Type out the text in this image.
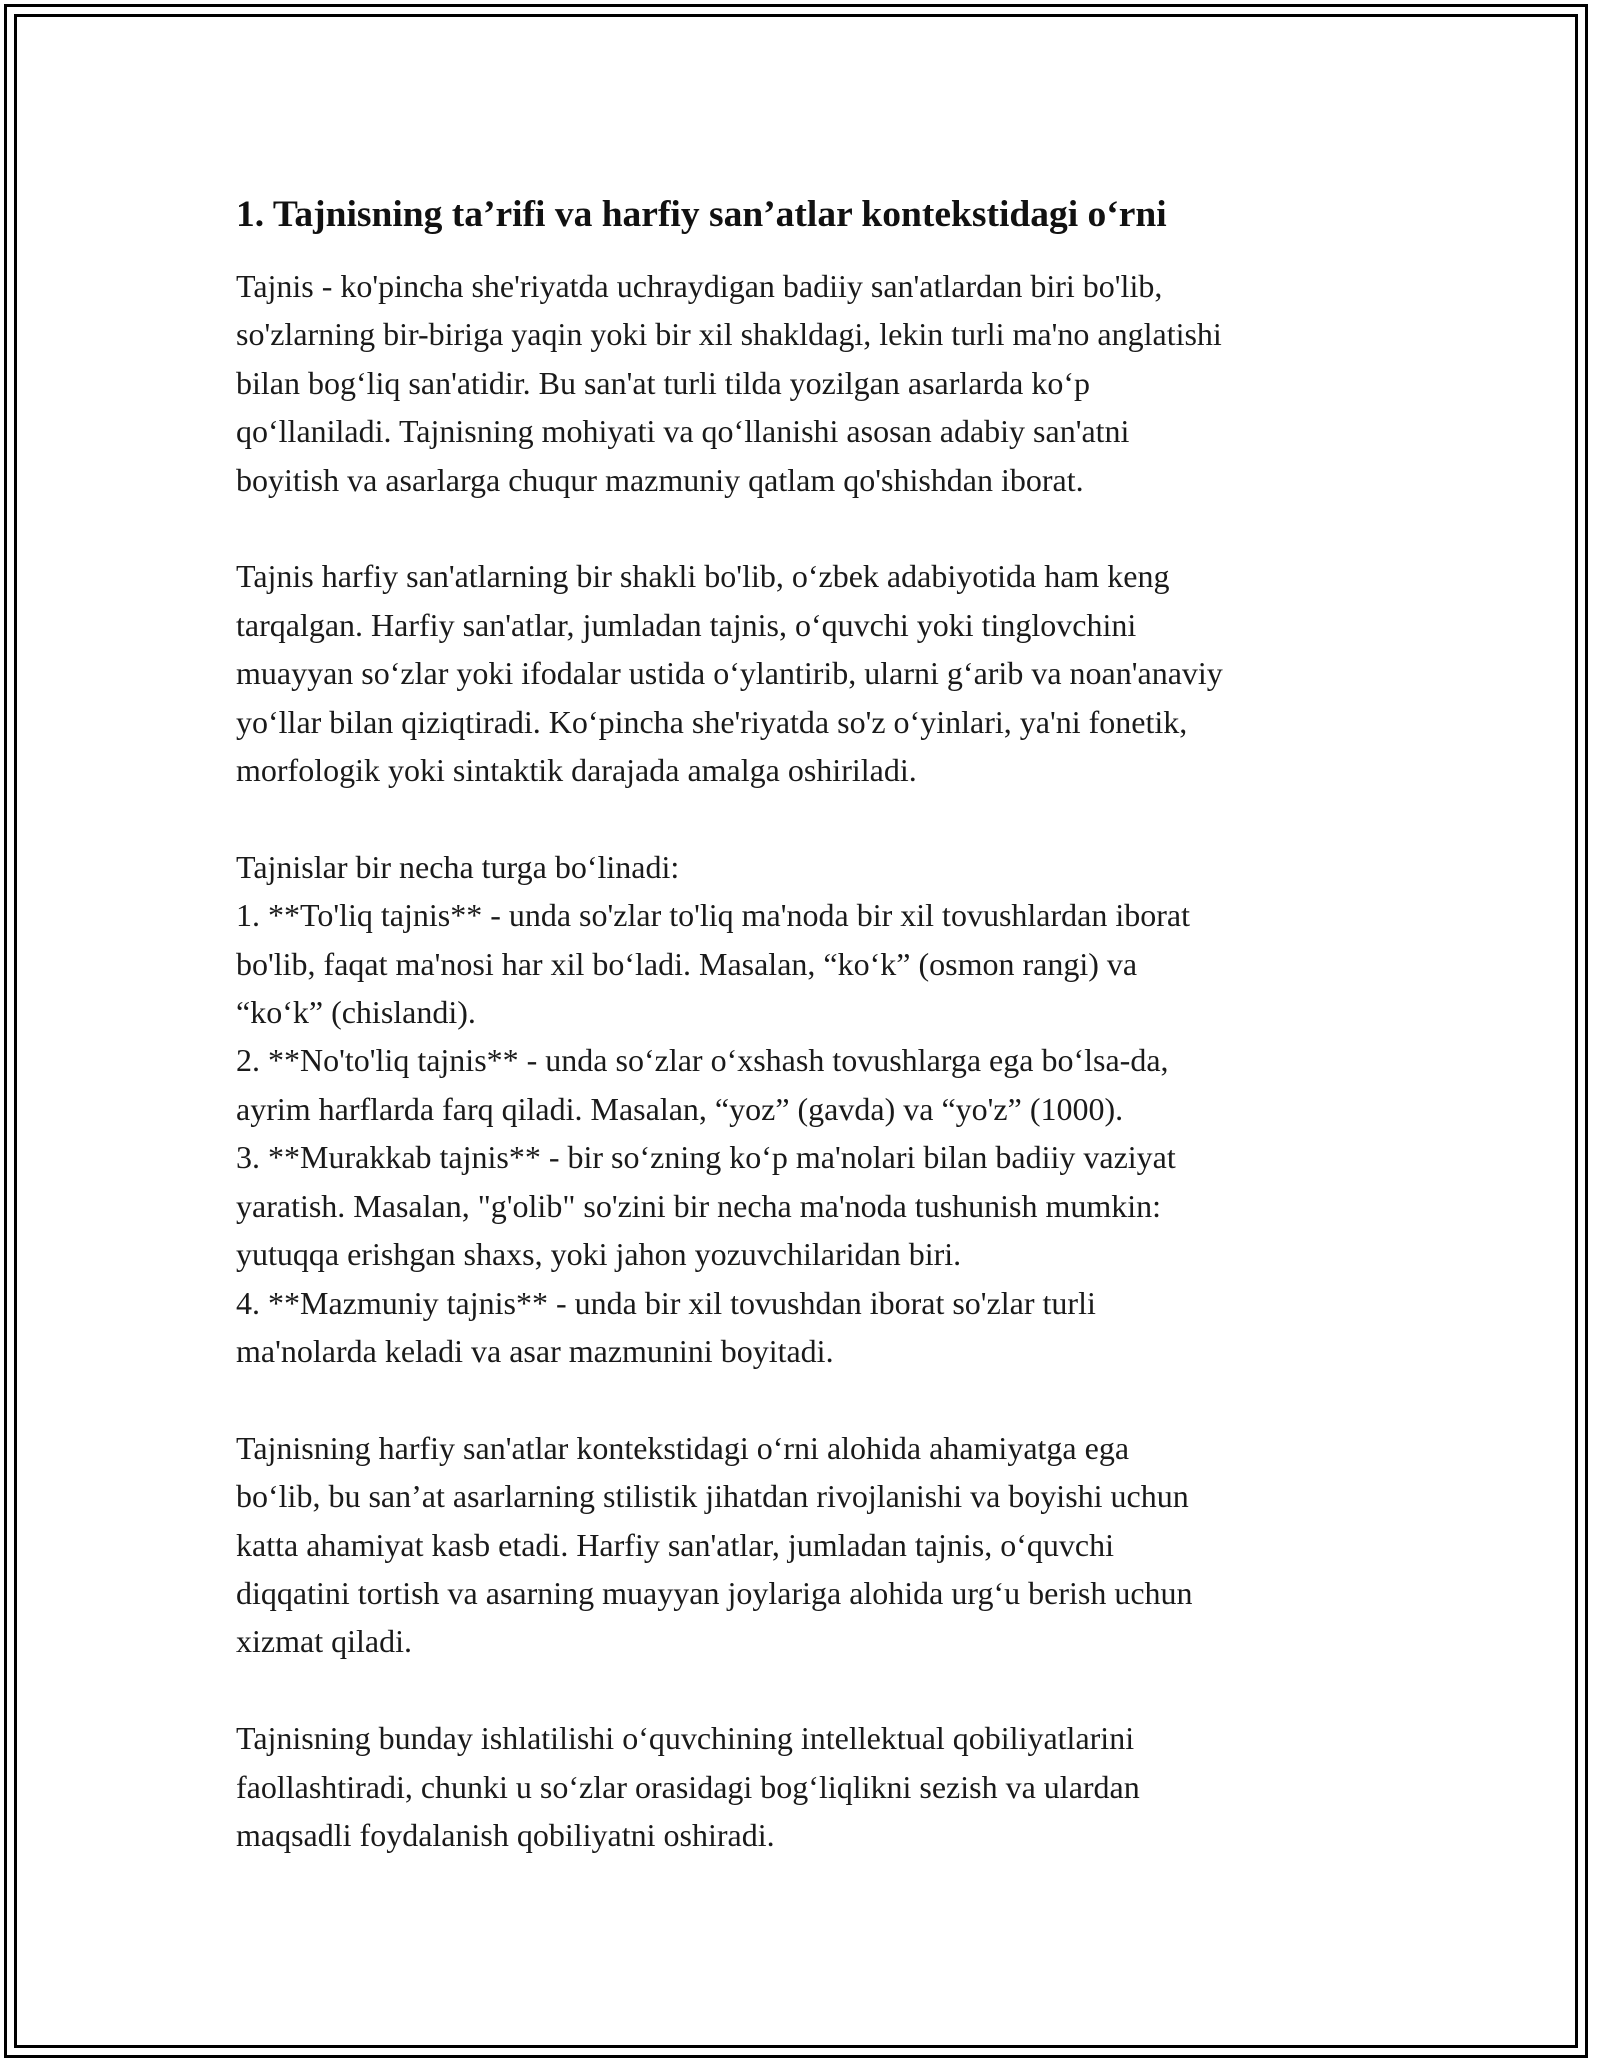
1. Tajnisning ta’rifi va harfiy san’atlar kontekstidagi o‘rni

Tajnis - ko'pincha she'riyatda uchraydigan badiiy san'atlardan biri bo'lib,
so'zlarning bir-biriga yaqin yoki bir xil shakldagi, lekin turli ma'no anglatishi
bilan bog‘liq san'atidir. Bu san'at turli tilda yozilgan asarlarda ko‘p
qo‘llaniladi. Tajnisning mohiyati va qo‘llanishi asosan adabiy san'atni
boyitish va asarlarga chuqur mazmuniy qatlam qo'shishdan iborat.

Tajnis harfiy san'atlarning bir shakli bo'lib, o‘zbek adabiyotida ham keng
tarqalgan. Harfiy san'atlar, jumladan tajnis, o‘quvchi yoki tinglovchini
muayyan so‘zlar yoki ifodalar ustida o‘ylantirib, ularni g‘arib va noan'anaviy
yo‘llar bilan qiziqtiradi. Ko‘pincha she'riyatda so'z o‘yinlari, ya'ni fonetik,
morfologik yoki sintaktik darajada amalga oshiriladi.

Tajnislar bir necha turga bo‘linadi:
1. **To'liq tajnis** - unda so'zlar to'liq ma'noda bir xil tovushlardan iborat
bo'lib, faqat ma'nosi har xil bo‘ladi. Masalan, “ko‘k” (osmon rangi) va
“ko‘k” (chislandi).
2. **No'to'liq tajnis** - unda so‘zlar o‘xshash tovushlarga ega bo‘lsa-da,
ayrim harflarda farq qiladi. Masalan, “yoz” (gavda) va “yo'z” (1000).
3. **Murakkab tajnis** - bir so‘zning ko‘p ma'nolari bilan badiiy vaziyat
yaratish. Masalan, "g'olib" so'zini bir necha ma'noda tushunish mumkin:
yutuqqa erishgan shaxs, yoki jahon yozuvchilaridan biri.
4. **Mazmuniy tajnis** - unda bir xil tovushdan iborat so'zlar turli
ma'nolarda keladi va asar mazmunini boyitadi.

Tajnisning harfiy san'atlar kontekstidagi o‘rni alohida ahamiyatga ega
bo‘lib, bu san’at asarlarning stilistik jihatdan rivojlanishi va boyishi uchun
katta ahamiyat kasb etadi. Harfiy san'atlar, jumladan tajnis, o‘quvchi
diqqatini tortish va asarning muayyan joylariga alohida urg‘u berish uchun
xizmat qiladi.

Tajnisning bunday ishlatilishi o‘quvchining intellektual qobiliyatlarini
faollashtiradi, chunki u so‘zlar orasidagi bog‘liqlikni sezish va ulardan
maqsadli foydalanish qobiliyatni oshiradi.
